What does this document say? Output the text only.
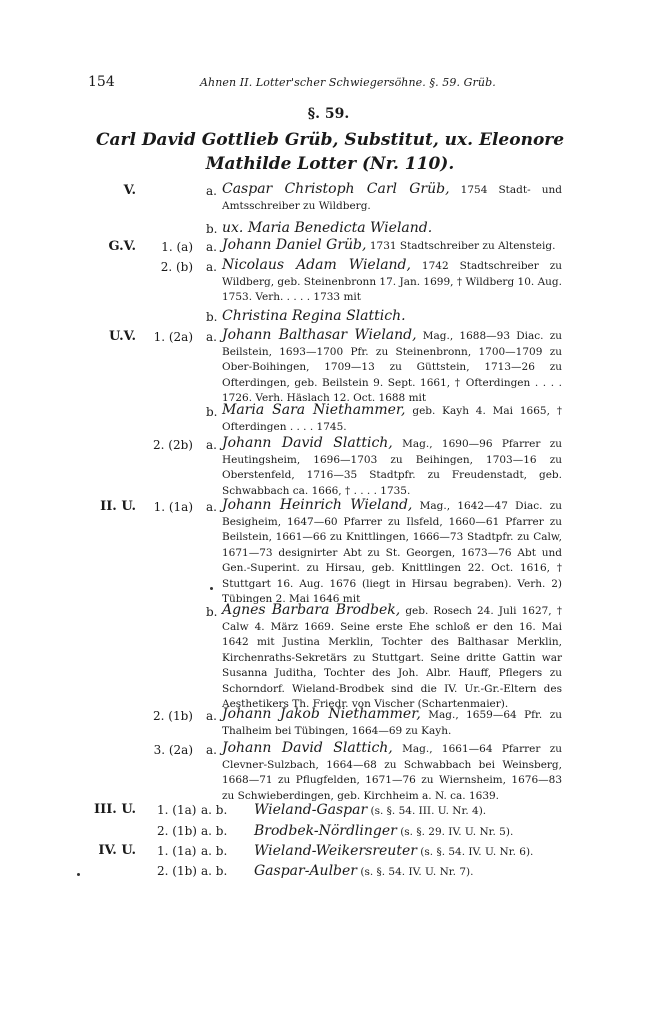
154	Ahnen II. Lotter'scher Schwiegersöhne. §. 59. Grüb.
§. 59.
Carl David Gottlieb Grüb, Substitut, ux. Eleonore Mathilde Lotter (Nr. 110).
V.	a. Caspar Christoph Carl Grüb, 1754 Stadt- und Amtsschreiber zu Wildberg.
b. ux. Maria Benedicta Wieland.
G.V. 1. (a) a. Johann Daniel Grüb, 1731 Stadtschreiber zu Altensteig.
2. (b) a. Nicolaus Adam Wieland, 1742 Stadtschreiber zu Wildberg, geb. Steinenbronn 17. Jan. 1699, † Wildberg 10. Aug. 1753. Verh. . . . . 1733 mit
b. Christina Regina Slattich.
U.V. 1. (2a) a. Johann Balthasar Wieland, Mag., 1688—93 Diac. zu Beilstein, 1693—1700 Pfr. zu Steinenbronn, 1700—1709 zu Ober-Boihingen, 1709—13 zu Güttstein, 1713—26 zu Ofterdingen, geb. Beilstein 9. Sept. 1661, † Ofterdingen . . . . 1726. Verh. Häslach 12. Oct. 1688 mit
b. Maria Sara Niethammer, geb. Kayh 4. Mai 1665, † Ofterdingen . . . . 1745.
2. (2b) a. Johann David Slattich, Mag., 1690—96 Pfarrer zu Heutingsheim, 1696—1703 zu Beihingen, 1703—16 zu Oberstenfeld, 1716—35 Stadtpfr. zu Freudenstadt, geb. Schwabbach ca. 1666, † . . . . 1735.
II. U. 1. (1a) a. Johann Heinrich Wieland, Mag., 1642—47 Diac. zu Besigheim, 1647—60 Pfarrer zu Ilsfeld, 1660—61 Pfarrer zu Beilstein, 1661—66 zu Knittlingen, 1666—73 Stadtpfr. zu Calw, 1671—73 designirter Abt zu St. Georgen, 1673—76 Abt und Gen.-Superint. zu Hirsau, geb. Knittlingen 22. Oct. 1616, † Stuttgart 16. Aug. 1676 (liegt in Hirsau begraben). Verh. 2) Tübingen 2. Mai 1646 mit
b. Agnes Barbara Brodbek, geb. Rosech 24. Juli 1627, † Calw 4. März 1669. Seine erste Ehe schloß er den 16. Mai 1642 mit Justina Merklin, Tochter des Balthasar Merklin, Kirchenraths-Sekretärs zu Stuttgart. Seine dritte Gattin war Susanna Juditha, Tochter des Joh. Albr. Hauff, Pflegers zu Schorndorf. Wieland-Brodbek sind die IV. Ur.-Gr.-Eltern des Aesthetikers Th. Friedr. von Vischer (Schartenmaier).
2. (1b) a. Johann Jakob Niethammer, Mag., 1659—64 Pfr. zu Thalheim bei Tübingen, 1664—69 zu Kayh.
3. (2a) a. Johann David Slattich, Mag., 1661—64 Pfarrer zu Clevner-Sulzbach, 1664—68 zu Schwabbach bei Weinsberg, 1668—71 zu Pflugfelden, 1671—76 zu Wiernsheim, 1676—83 zu Schwieberdingen, geb. Kirchheim a. N. ca. 1639.
III. U. 1. (1a) a. b. Wieland-Gaspar (s. §. 54. III. U. Nr. 4).
2. (1b) a. b. Brodbek-Nördlinger (s. §. 29. IV. U. Nr. 5).
IV. U. 1. (1a) a. b. Wieland-Weikersreuter (s. §. 54. IV. U. Nr. 6).
2. (1b) a. b. Gaspar-Aulber (s. §. 54. IV. U. Nr. 7).
